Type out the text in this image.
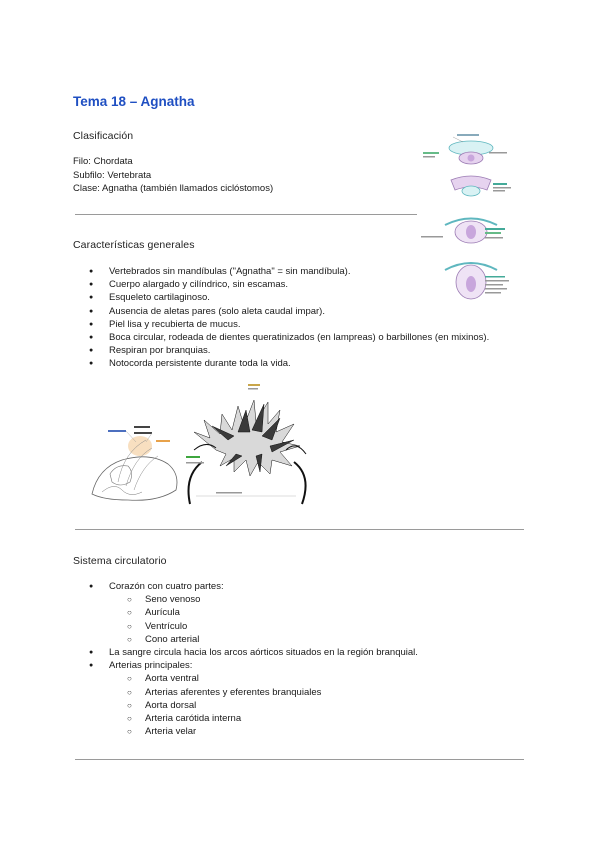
Tema 18 – Agnatha
Clasificación
Filo: Chordata
Subfilo: Vertebrata
Clase: Agnatha (también llamados ciclóstomos)
Características generales
● Vertebrados sin mandíbulas ("Agnatha" = sin mandíbula).
● Cuerpo alargado y cilíndrico, sin escamas.
● Esqueleto cartilaginoso.
● Ausencia de aletas pares (solo aleta caudal impar).
● Piel lisa y recubierta de mucus.
● Boca circular, rodeada de dientes queratinizados (en lampreas) o barbillones (en mixinos).
● Respiran por branquias.
● Notocorda persistente durante toda la vida.
Sistema circulatorio
● Corazón con cuatro partes:
○ Seno venoso
○ Aurícula
○ Ventrículo
○ Cono arterial
● La sangre circula hacia los arcos aórticos situados en la región branquial.
● Arterias principales:
○ Aorta ventral
○ Arterias aferentes y eferentes branquiales
○ Aorta dorsal
○ Arteria carótida interna
○ Arteria velar
